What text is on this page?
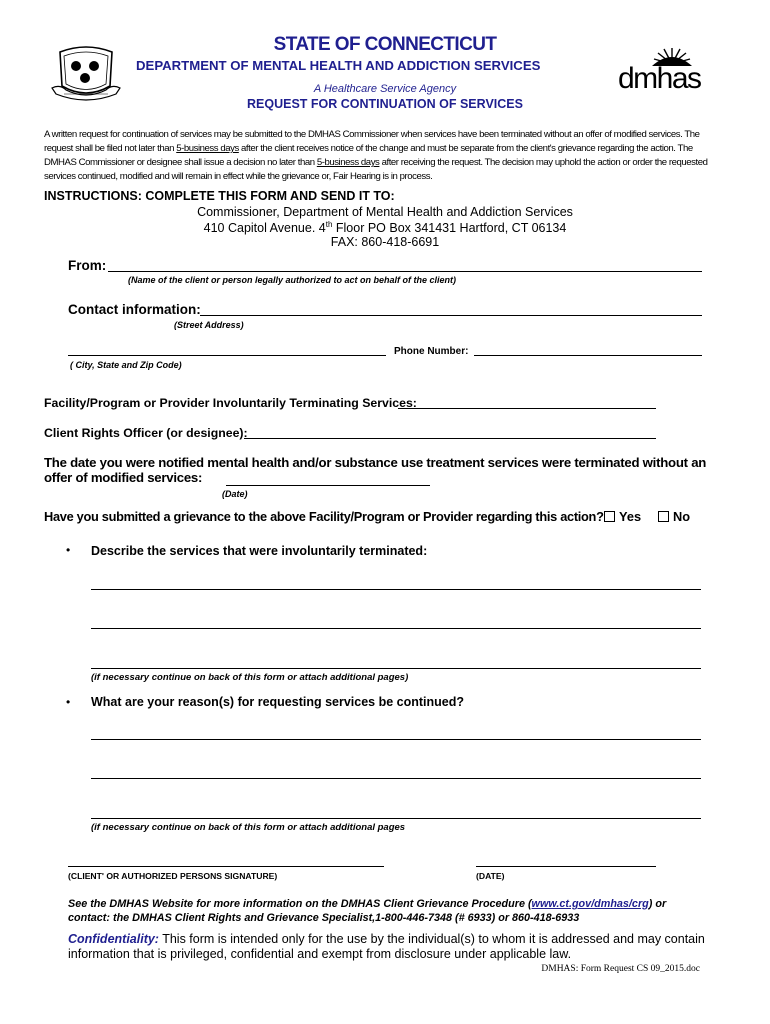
STATE OF CONNECTICUT
DEPARTMENT OF MENTAL HEALTH AND ADDICTION SERVICES
A Healthcare Service Agency
REQUEST FOR CONTINUATION OF SERVICES
dmhas
A written request for continuation of services may be submitted to the DMHAS Commissioner when services have been terminated without an offer of modified services. The request shall be filed not later than 5-business days after the client receives notice of the change and must be separate from the client's grievance regarding the action. The DMHAS Commissioner or designee shall issue a decision no later than 5-business days after receiving the request. The decision may uphold the action or order the requested services continued, modified and will remain in effect while the grievance or, Fair Hearing is in process.
INSTRUCTIONS: COMPLETE THIS FORM AND SEND IT TO:
Commissioner, Department of Mental Health and Addiction Services
410 Capitol Avenue. 4th Floor PO Box 341431 Hartford, CT 06134
FAX: 860-418-6691
From:
(Name of the client or person legally authorized to act on behalf of the client)
Contact information:
(Street Address)
Phone Number:
( City, State and Zip Code)
Facility/Program or Provider Involuntarily Terminating Services:
Client Rights Officer (or designee):
The date you were notified mental health and/or substance use treatment services were terminated without an offer of modified services:
(Date)
Have you submitted a grievance to the above Facility/Program or Provider regarding this action?	Yes	No
• Describe the services that were involuntarily terminated:
(if necessary continue on back of this form or attach additional pages)
• What are your reason(s) for requesting services be continued?
(if necessary continue on back of this form or attach additional pages
(CLIENT' OR AUTHORIZED PERSONS SIGNATURE)	(DATE)
See the DMHAS Website for more information on the DMHAS Client Grievance Procedure (www.ct.gov/dmhas/crg) or contact: the DMHAS Client Rights and Grievance Specialist,1-800-446-7348 (# 6933) or 860-418-6933
Confidentiality: This form is intended only for the use by the individual(s) to whom it is addressed and may contain information that is privileged, confidential and exempt from disclosure under applicable law.
DMHAS: Form Request CS 09_2015.doc
